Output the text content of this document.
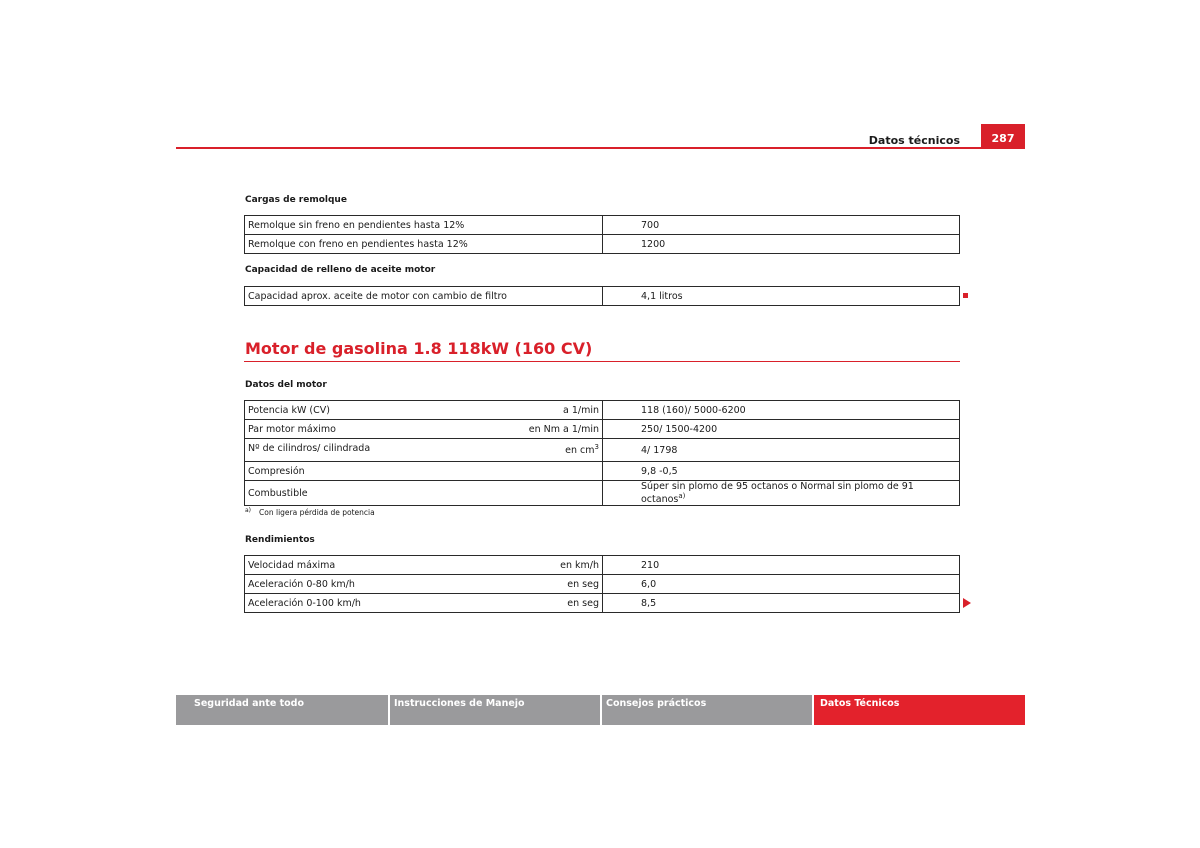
Datos técnicos	287
Cargas de remolque
Remolque sin freno en pendientes hasta 12%	700
Remolque con freno en pendientes hasta 12%	1200
Capacidad de relleno de aceite motor
Capacidad aprox. aceite de motor con cambio de filtro	4,1 litros
Motor de gasolina 1.8 118kW (160 CV)
Datos del motor
Potencia kW (CV) a 1/min	118 (160)/ 5000-6200

Par motor máximo en Nm a 1/min	250/ 1500-4200

Nº de cilindros/ cilindrada en $cm^3$	4/ 1798

Compresión	9,8 -0,5

Combustible	Súper sin plomo de 95 octanos o Normal sin plomo de 91 octanos$^{a)}$
$^{a)}$ Con ligera pérdida de potencia
Rendimientos
Velocidad máxima en km/h	210

Aceleración 0-80 km/h en seg	6,0

Aceleración 0-100 km/h en seg	8,5
Seguridad ante todo	Instrucciones de Manejo	Consejos prácticos	Datos Técnicos
